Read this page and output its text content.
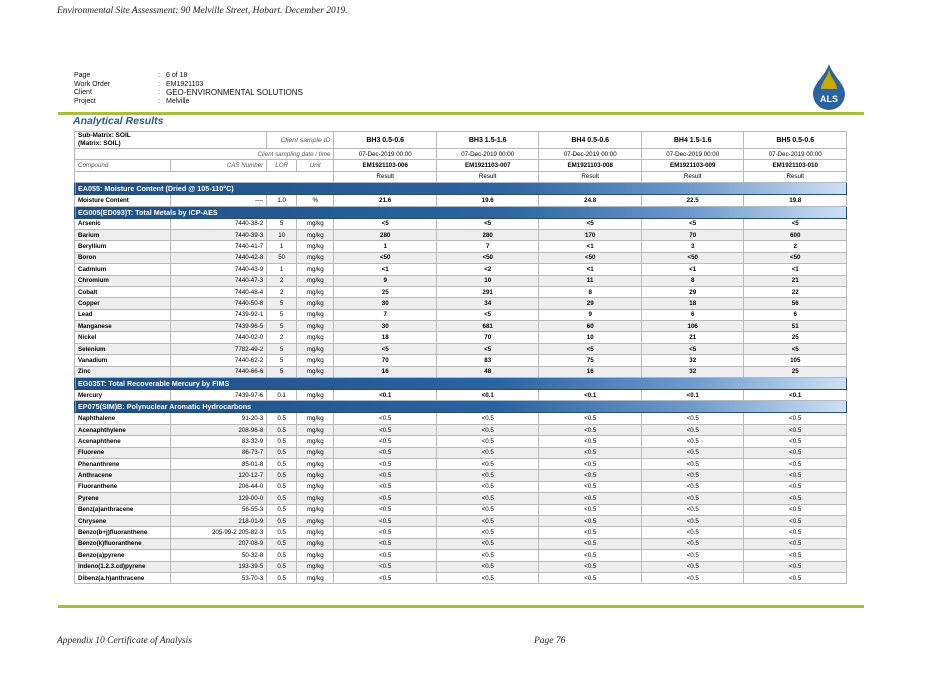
Environmental Site Assessment: 90 Melville Street, Hobart. December 2019.
Page	: 6 of 18
Work Order	: EM1921103
Client	: GEO-ENVIRONMENTAL SOLUTIONS
Project	: Melville	ALS
Analytical Results
Sub-Matrix: SOIL
(Matrix: SOIL)		Client sample ID		BH3 0.5-0.6	BH3 1.5-1.6	BH4 0.5-0.6	BH4 1.5-1.6	BH5 0.5-0.6
Client sampling date / time				07-Dec-2019 00:00	07-Dec-2019 00:00	07-Dec-2019 00:00	07-Dec-2019 00:00	07-Dec-2019 00:00
Compound	CAS Number	LOR	Unit	EM1921103-006	EM1921103-007	EM1921103-008	EM1921103-009	EM1921103-010
				Result	Result	Result	Result	Result
EA055: Moisture Content (Dried @ 105-110°C)								
Moisture Content	----	1.0	%	21.6	19.6	24.8	22.5	19.8
EG005(ED093)T: Total Metals by ICP-AES								
Arsenic	7440-38-2	5	mg/kg	<5	<5	<5	<5	<5
Barium	7440-39-3	10	mg/kg	280	280	170	70	600
Beryllium	7440-41-7	1	mg/kg	1	7	<1	3	2
Boron	7440-42-8	50	mg/kg	<50	<50	<50	<50	<50
Cadmium	7440-43-9	1	mg/kg	<1	<2	<1	<1	<1
Chromium	7440-47-3	2	mg/kg	9	10	11	8	21
Cobalt	7440-48-4	2	mg/kg	25	291	8	29	22
Copper	7440-50-8	5	mg/kg	30	34	29	18	56
Lead	7439-92-1	5	mg/kg	7	<5	9	6	6
Manganese	7439-96-5	5	mg/kg	30	681	60	106	51
Nickel	7440-02-0	2	mg/kg	18	70	10	21	25
Selenium	7782-49-2	5	mg/kg	<5	<5	<5	<5	<5
Vanadium	7440-62-2	5	mg/kg	70	83	75	32	105
Zinc	7440-66-6	5	mg/kg	16	48	16	32	25
EG035T: Total Recoverable Mercury by FIMS								
Mercury	7439-97-6	0.1	mg/kg	<0.1	<0.1	<0.1	<0.1	<0.1
EP075(SIM)B: Polynuclear Aromatic Hydrocarbons								
Naphthalene	91-20-3	0.5	mg/kg	<0.5	<0.5	<0.5	<0.5	<0.5
Acenaphthylene	208-96-8	0.5	mg/kg	<0.5	<0.5	<0.5	<0.5	<0.5
Acenaphthene	83-32-9	0.5	mg/kg	<0.5	<0.5	<0.5	<0.5	<0.5
Fluorene	86-73-7	0.5	mg/kg	<0.5	<0.5	<0.5	<0.5	<0.5
Phenanthrene	85-01-8	0.5	mg/kg	<0.5	<0.5	<0.5	<0.5	<0.5
Anthracene	120-12-7	0.5	mg/kg	<0.5	<0.5	<0.5	<0.5	<0.5
Fluoranthene	206-44-0	0.5	mg/kg	<0.5	<0.5	<0.5	<0.5	<0.5
Pyrene	129-00-0	0.5	mg/kg	<0.5	<0.5	<0.5	<0.5	<0.5
Benz(a)anthracene	56-55-3	0.5	mg/kg	<0.5	<0.5	<0.5	<0.5	<0.5
Chrysene	218-01-9	0.5	mg/kg	<0.5	<0.5	<0.5	<0.5	<0.5
Benzo(b+j)fluoranthene	205-99-2 205-82-3	0.5	mg/kg	<0.5	<0.5	<0.5	<0.5	<0.5
Benzo(k)fluoranthene	207-08-9	0.5	mg/kg	<0.5	<0.5	<0.5	<0.5	<0.5
Benzo(a)pyrene	50-32-8	0.5	mg/kg	<0.5	<0.5	<0.5	<0.5	<0.5
Indeno(1.2.3.cd)pyrene	193-39-5	0.5	mg/kg	<0.5	<0.5	<0.5	<0.5	<0.5
Dibenz(a.h)anthracene	53-70-3	0.5	mg/kg	<0.5	<0.5	<0.5	<0.5	<0.5
Appendix 10 Certificate of Analysis	Page 76
